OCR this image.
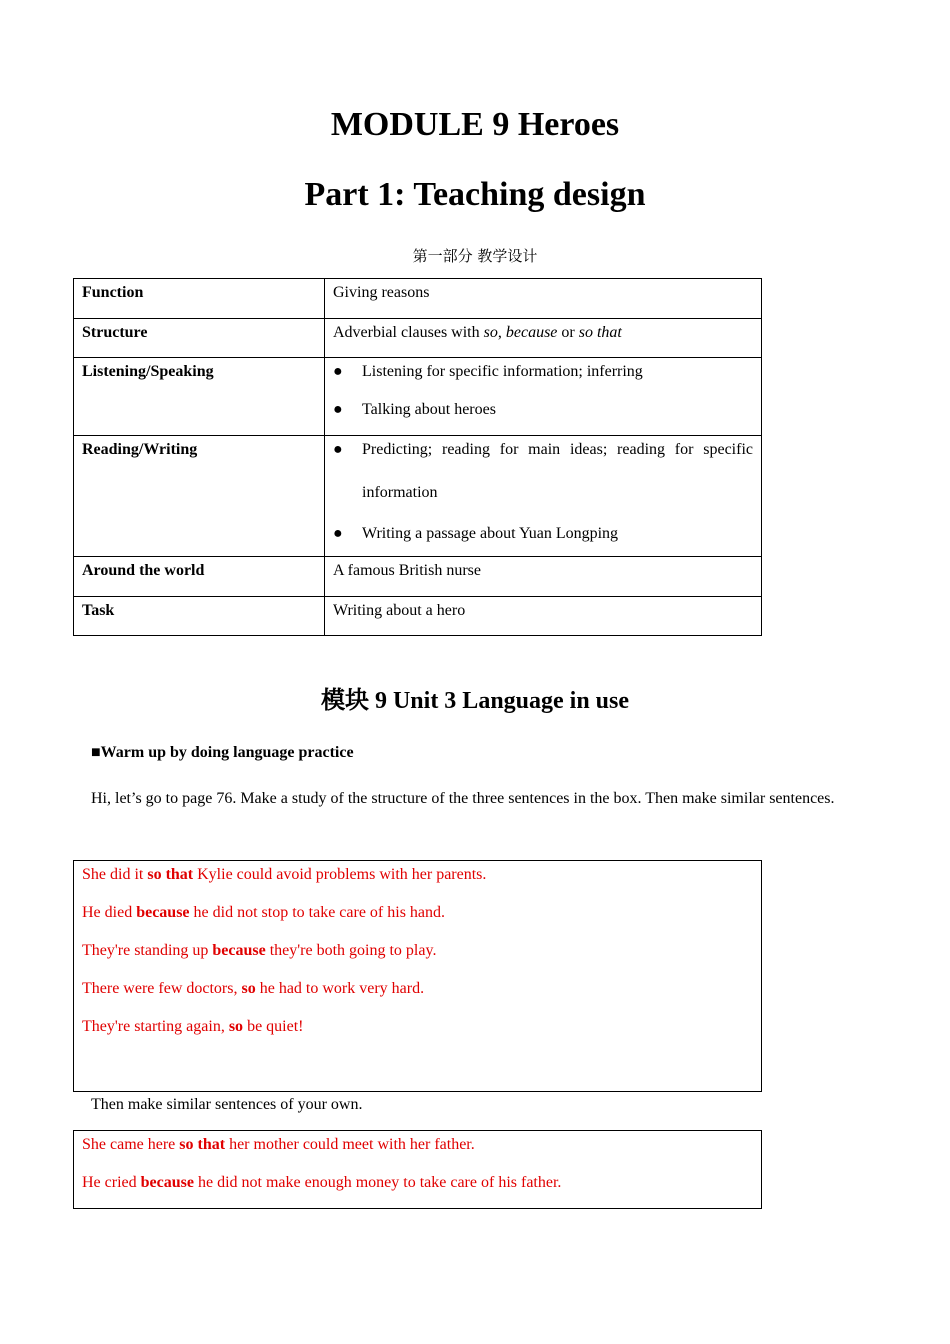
MODULE 9 Heroes
Part 1: Teaching design
第一部分 教学设计
Function	Giving reasons
Structure	Adverbial clauses with so, because or so that
Listening/Speaking	● Listening for specific information; inferring
● Talking about heroes

Reading/Writing	● Predicting; reading for main ideas; reading for specific information
● Writing a passage about Yuan Longping

Around the world	A famous British nurse
Task	Writing about a hero
模块 9 Unit 3 Language in use
■Warm up by doing language practice
Hi, let’s go to page 76. Make a study of the structure of the three sentences in the box. Then make similar sentences.
She did it so that Kylie could avoid problems with her parents.
He died because he did not stop to take care of his hand.
They're standing up because they're both going to play.
There were few doctors, so he had to work very hard.
They're starting again, so be quiet!
Then make similar sentences of your own.
She came here so that her mother could meet with her father.
He cried because he did not make enough money to take care of his father.
